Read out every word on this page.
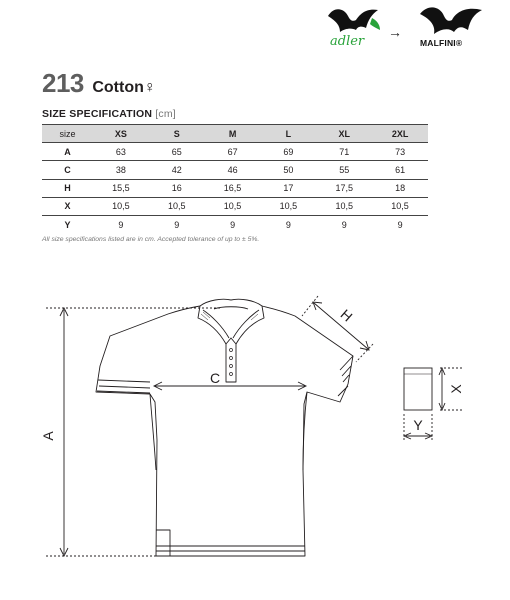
adler
→
MALFINI®
213 Cotton♀
SIZE SPECIFICATION [cm]
size	XS	S	M	L	XL	2XL
A	63	65	67	69	71	73
C	38	42	46	50	55	61
H	15,5	16	16,5	17	17,5	18
X	10,5	10,5	10,5	10,5	10,5	10,5
Y	9	9	9	9	9	9
All size specifications listed are in cm. Accepted tolerance of up to ± 5%.
A
C
H
X
Y
